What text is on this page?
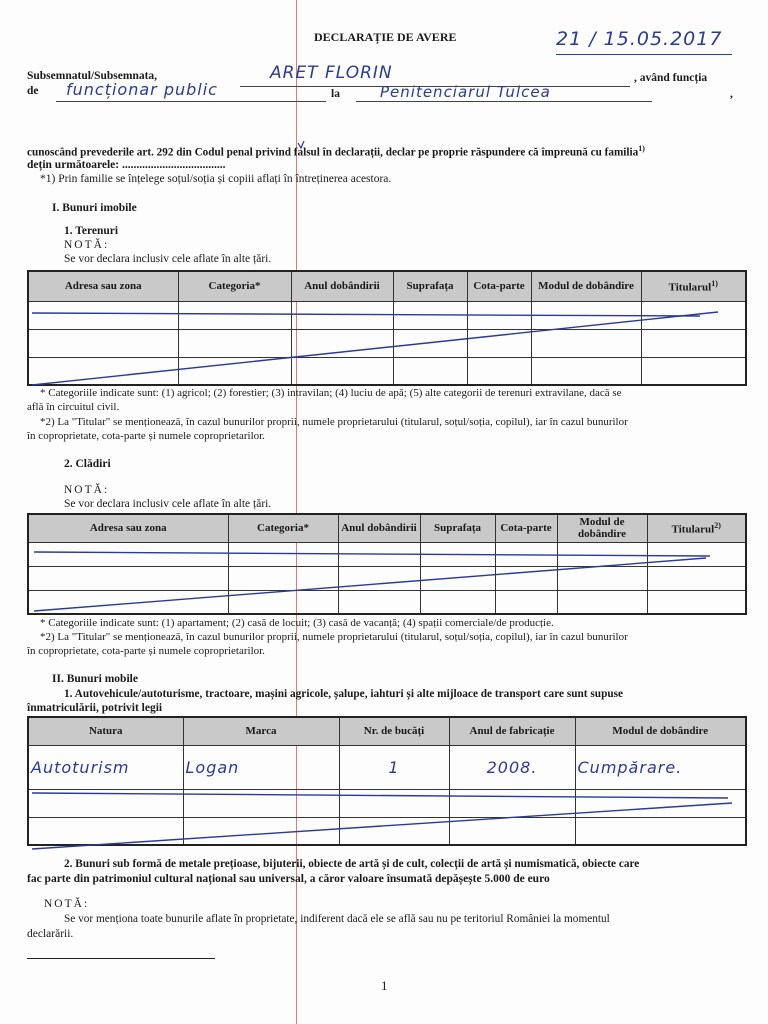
DECLARAȚIE DE AVERE	21 / 15.05.2017
Subsemnatul/Subsemnata,	ARET FLORIN	, având funcția
de funcționar public	la	Penitenciarul Tulcea	,
cunoscând prevederile art. 292 din Codul penal privind falsul în declarații, declar pe proprie răspundere că împreună cu familia$^{1)}$
dețin următoarele: ....................................
*1) Prin familie se înțelege soțul/soția și copiii aflați în întreținerea acestora.
I. Bunuri imobile
1. Terenuri
NOTĂ:
Se vor declara inclusiv cele aflate în alte țări.
Adresa sau zona	Categoria*	Anul dobândirii	Suprafața	Cota-parte	Modul de dobândire	Titularul$^{1)}$

* Categoriile indicate sunt: (1) agricol; (2) forestier; (3) intravilan; (4) luciu de apă; (5) alte categorii de terenuri extravilane, dacă se
află în circuitul civil.
*2) La "Titular" se menționează, în cazul bunurilor proprii, numele proprietarului (titularul, soțul/soția, copilul), iar în cazul bunurilor
în coproprietate, cota-parte și numele coproprietarilor.
2. Clădiri
NOTĂ:
Se vor declara inclusiv cele aflate în alte țări.
Adresa sau zona	Categoria*	Anul dobândirii	Suprafața	Cota-parte	Modul de dobândire	Titularul$^{2)}$

* Categoriile indicate sunt: (1) apartament; (2) casă de locuit; (3) casă de vacanță; (4) spații comerciale/de producție.
*2) La "Titular" se menționează, în cazul bunurilor proprii, numele proprietarului (titularul, soțul/soția, copilul), iar în cazul bunurilor
în coproprietate, cota-parte și numele coproprietarilor.
II. Bunuri mobile
1. Autovehicule/autoturisme, tractoare, mașini agricole, șalupe, iahturi și alte mijloace de transport care sunt supuse
înmatriculării, potrivit legii
Natura	Marca	Nr. de bucăți	Anul de fabricație	Modul de dobândire
Autoturism	Logan	1	2008.	Cumpărare.

2. Bunuri sub formă de metale prețioase, bijuterii, obiecte de artă și de cult, colecții de artă și numismatică, obiecte care
fac parte din patrimoniul cultural național sau universal, a căror valoare însumată depășește 5.000 de euro
NOTĂ:
Se vor menționa toate bunurile aflate în proprietate, indiferent dacă ele se află sau nu pe teritoriul României la momentul
declarării.
1
